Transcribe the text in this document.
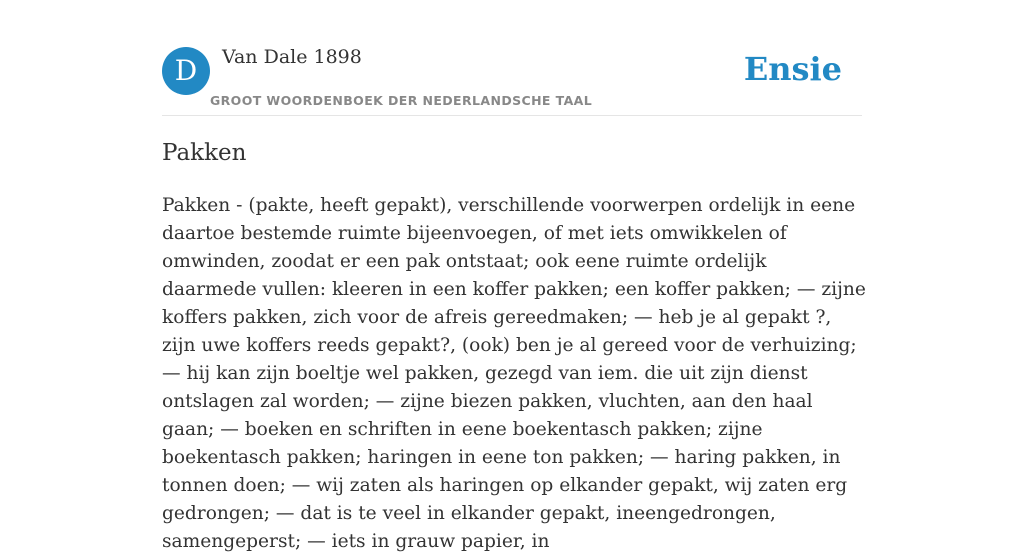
D	Van Dale 1898
GROOT WOORDENBOEK DER NEDERLANDSCHE TAAL
Ensie
Pakken

Pakken - (pakte, heeft gepakt), verschillende voorwerpen ordelijk in eene daartoe bestemde ruimte bijeenvoegen, of met iets omwikkelen of omwinden, zoodat er een pak ontstaat; ook eene ruimte ordelijk daarmede vullen: kleeren in een koffer pakken; een koffer pakken; — zijne koffers pakken, zich voor de afreis gereedmaken; — heb je al gepakt ?, zijn uwe koffers reeds gepakt?, (ook) ben je al gereed voor de verhuizing; — hij kan zijn boeltje wel pakken, gezegd van iem. die uit zijn dienst ontslagen zal worden; — zijne biezen pakken, vluchten, aan den haal gaan; — boeken en schriften in eene boekentasch pakken; zijne boekentasch pakken; haringen in eene ton pakken; — haring pakken, in tonnen doen; — wij zaten als haringen op elkander gepakt, wij zaten erg gedrongen; — dat is te veel in elkander gepakt, ineengedrongen, samengeperst; — iets in grauw papier, in
